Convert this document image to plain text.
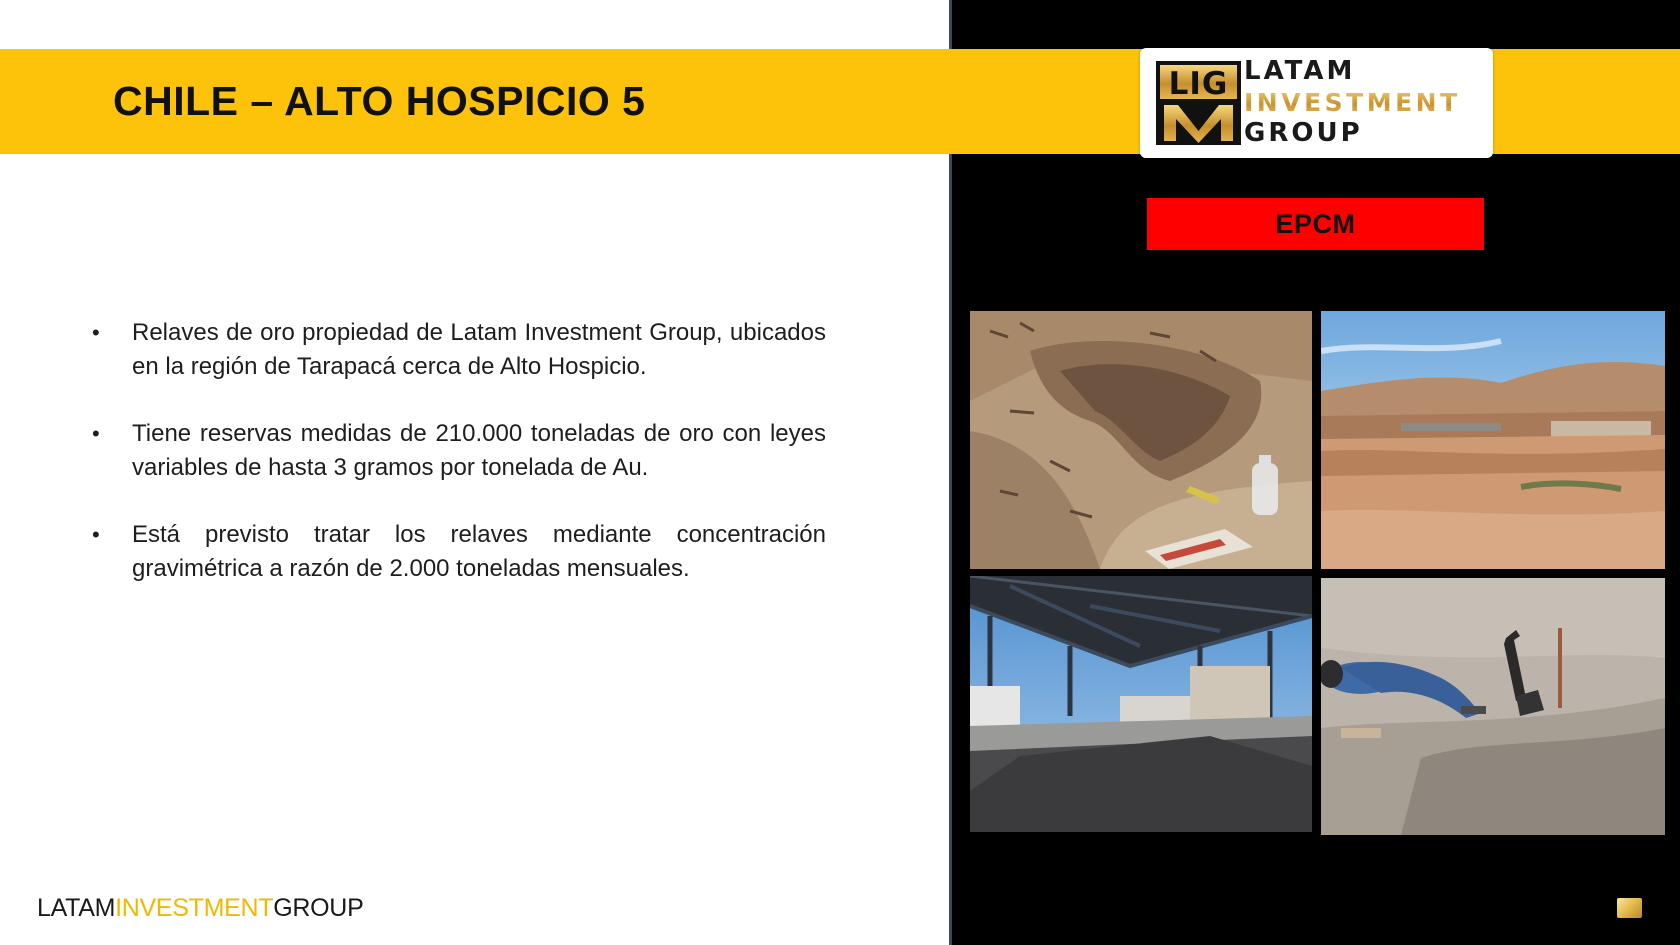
CHILE – ALTO HOSPICIO 5	LIG LATAM
INVESTMENT
GROUP
EPCM
• Relaves de oro propiedad de Latam Investment Group, ubicados en la región de Tarapacá cerca de Alto Hospicio.
• Tiene reservas medidas de 210.000 toneladas de oro con leyes variables de hasta 3 gramos por tonelada de Au.
• Está previsto tratar los relaves mediante concentración gravimétrica a razón de 2.000 toneladas mensuales.
LATAMINVESTMENTGROUP
